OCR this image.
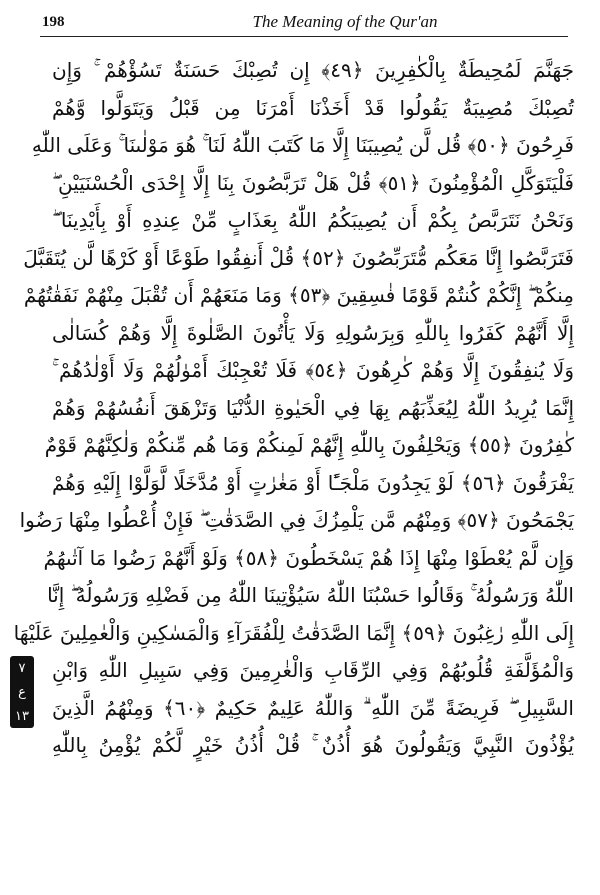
198	The Meaning of the Qur'an
٧
ع
١٣
جَهَنَّمَ لَمُحِيطَةٌ بِالْكٰفِرِينَ ﴿٤٩﴾ إِن تُصِبْكَ حَسَنَةٌ تَسُؤْهُمْ ۚ وَإِن
تُصِبْكَ مُصِيبَةٌ يَقُولُوا قَدْ أَخَذْنَا أَمْرَنَا مِن قَبْلُ وَيَتَوَلَّوا وَّهُمْ
فَرِحُونَ ﴿٥٠﴾ قُل لَّن يُصِيبَنَا إِلَّا مَا كَتَبَ اللّٰهُ لَنَا ۚ هُوَ مَوْلٰىنَا ۚ وَعَلَى اللّٰهِ
فَلْيَتَوَكَّلِ الْمُؤْمِنُونَ ﴿٥١﴾ قُلْ هَلْ تَرَبَّصُونَ بِنَا إِلَّا إِحْدَى الْحُسْنَيَيْنِ ۖ
وَنَحْنُ نَتَرَبَّصُ بِكُمْ أَن يُصِيبَكُمُ اللّٰهُ بِعَذَابٍ مِّنْ عِندِهِ أَوْ بِأَيْدِينَا ۖ
فَتَرَبَّصُوا إِنَّا مَعَكُم مُّتَرَبِّصُونَ ﴿٥٢﴾ قُلْ أَنفِقُوا طَوْعًا أَوْ كَرْهًا لَّن يُتَقَبَّلَ
مِنكُمْ ۖ إِنَّكُمْ كُنتُمْ قَوْمًا فٰسِقِينَ ﴿٥٣﴾ وَمَا مَنَعَهُمْ أَن تُقْبَلَ مِنْهُمْ نَفَقٰتُهُمْ
إِلَّا أَنَّهُمْ كَفَرُوا بِاللّٰهِ وَبِرَسُولِهِ وَلَا يَأْتُونَ الصَّلٰوةَ إِلَّا وَهُمْ كُسَالٰى
وَلَا يُنفِقُونَ إِلَّا وَهُمْ كٰرِهُونَ ﴿٥٤﴾ فَلَا تُعْجِبْكَ أَمْوٰلُهُمْ وَلَا أَوْلٰدُهُمْ ۚ
إِنَّمَا يُرِيدُ اللّٰهُ لِيُعَذِّبَهُم بِهَا فِي الْحَيٰوةِ الدُّنْيَا وَتَزْهَقَ أَنفُسُهُمْ وَهُمْ
كٰفِرُونَ ﴿٥٥﴾ وَيَحْلِفُونَ بِاللّٰهِ إِنَّهُمْ لَمِنكُمْ وَمَا هُم مِّنكُمْ وَلٰكِنَّهُمْ قَوْمٌ
يَفْرَقُونَ ﴿٥٦﴾ لَوْ يَجِدُونَ مَلْجَـًٔا أَوْ مَغٰرٰتٍ أَوْ مُدَّخَلًا لَّوَلَّوْا إِلَيْهِ وَهُمْ
يَجْمَحُونَ ﴿٥٧﴾ وَمِنْهُم مَّن يَلْمِزُكَ فِي الصَّدَقٰتِ ۖ فَإِنْ أُعْطُوا مِنْهَا رَضُوا
وَإِن لَّمْ يُعْطَوْا مِنْهَا إِذَا هُمْ يَسْخَطُونَ ﴿٥٨﴾ وَلَوْ أَنَّهُمْ رَضُوا مَا آتٰىهُمُ
اللّٰهُ وَرَسُولُهُ ۚ وَقَالُوا حَسْبُنَا اللّٰهُ سَيُؤْتِينَا اللّٰهُ مِن فَضْلِهِ وَرَسُولُهُ ۖ إِنَّا
إِلَى اللّٰهِ رٰغِبُونَ ﴿٥٩﴾ إِنَّمَا الصَّدَقٰتُ لِلْفُقَرَآءِ وَالْمَسٰكِينِ وَالْعٰمِلِينَ عَلَيْهَا
وَالْمُؤَلَّفَةِ قُلُوبُهُمْ وَفِي الرِّقَابِ وَالْغٰرِمِينَ وَفِي سَبِيلِ اللّٰهِ وَابْنِ
السَّبِيلِ ۖ فَرِيضَةً مِّنَ اللّٰهِ ۗ وَاللّٰهُ عَلِيمٌ حَكِيمٌ ﴿٦٠﴾ وَمِنْهُمُ الَّذِينَ
يُؤْذُونَ النَّبِيَّ وَيَقُولُونَ هُوَ أُذُنٌ ۚ قُلْ أُذُنُ خَيْرٍ لَّكُمْ يُؤْمِنُ بِاللّٰهِ
